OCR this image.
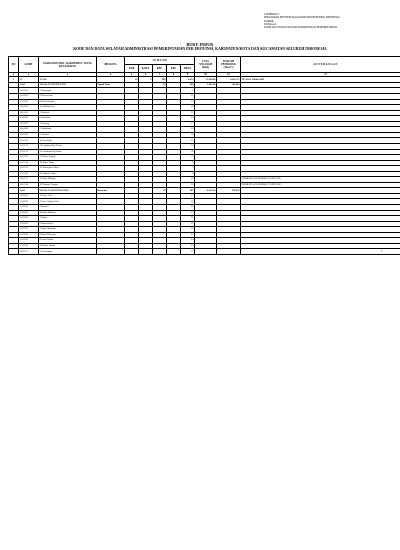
LAMPIRAN I
PERATURAN MENTERI DALAM NEGERI REPUBLIK INDONESIA
NOMOR
TANGGAL
KODE DAN DATA WILAYAH ADMINISTRASI PEMERINTAHAN
BUKU INDUK
KODE DAN DATA WILAYAH ADMINISTRASI PEMERINTAHAN PER PROVINSI, KABUPATEN/KOTA DAN KECAMATAN SELURUH INDONESIA
NO	KODE	NAMA PROVINSI / KABUPATEN / KOTA, KECAMATAN	IBUKOTA	J U M L A H					LUAS WILAYAH (Km2)	JUMLAH PENDUDUK (Jiwa) *)	K E T E R A N G A N
				KAB	KOTA	KEC	KEL	DESA			
1	2	3	4	5	6	7	8	9	10	11	12
1	11	ACEH		18	5	289		6.474	57.956,00	5.016.355	UU No.11 Tahun 2006
	11.01	1 KAB. ACEH SELATAN	Tapak Tuan			18		260	3.841,60	231.893	
	11.01.01	1 Bakongan						7			
	11.01.02	2 Kluet Utara						21			
	11.01.03	3 Kluet Selatan						17			
	11.01.04	4 Labuhan Haji						16			
	11.01.05	5 Meukek						23			
	11.01.06	6 Samadua						29			
	11.01.07	7 Sawang						15			
	11.01.08	8 Tapaktuan						16			
	11.01.09	9 Trumon						18			
	11.01.10	10 Pasi Raja						21			
	11.01.11	11 Labuhan Haji Timur						14			
	11.01.12	12 Labuhan Haji Barat						16			
	11.01.13	13 Kluet Tengah						13			
	11.01.14	14 Kluet Timur						9			
	11.01.15	15 Bakongan Timur						7			
	11.01.16	16 Trumon Timur						8			
	11.01.17	17 Kota Bahagia						10			PERMENDAGRI NOMOR 6 TAHUN 2008
	11.01.18	18 Trumon Tengah						10			PERMENDAGRI NOMOR 6 TAHUN 2008
	11.02	2 KAB. ACEH TENGGARA	Kutacane			16		385	4.231,43	178.852	
	11.02.01	1 Lawe Alas						27			
	11.02.02	2 Lawe Sigala-Gala						38			
	11.02.03	3 Bambel						32			
	11.02.04	4 Babul Makmur						25			
	11.02.05	5 Badar						21			
	11.02.06	6 Babussalam						26			
	11.02.07	7 Babul Rahmah						24			
	11.02.08	8 Darul Hasanah						22			
	11.02.09	9 Lawe Bulan						24			
	11.02.10	10 Bukit Tusam						20			
	11.02.11	11 Semadam						17				1
